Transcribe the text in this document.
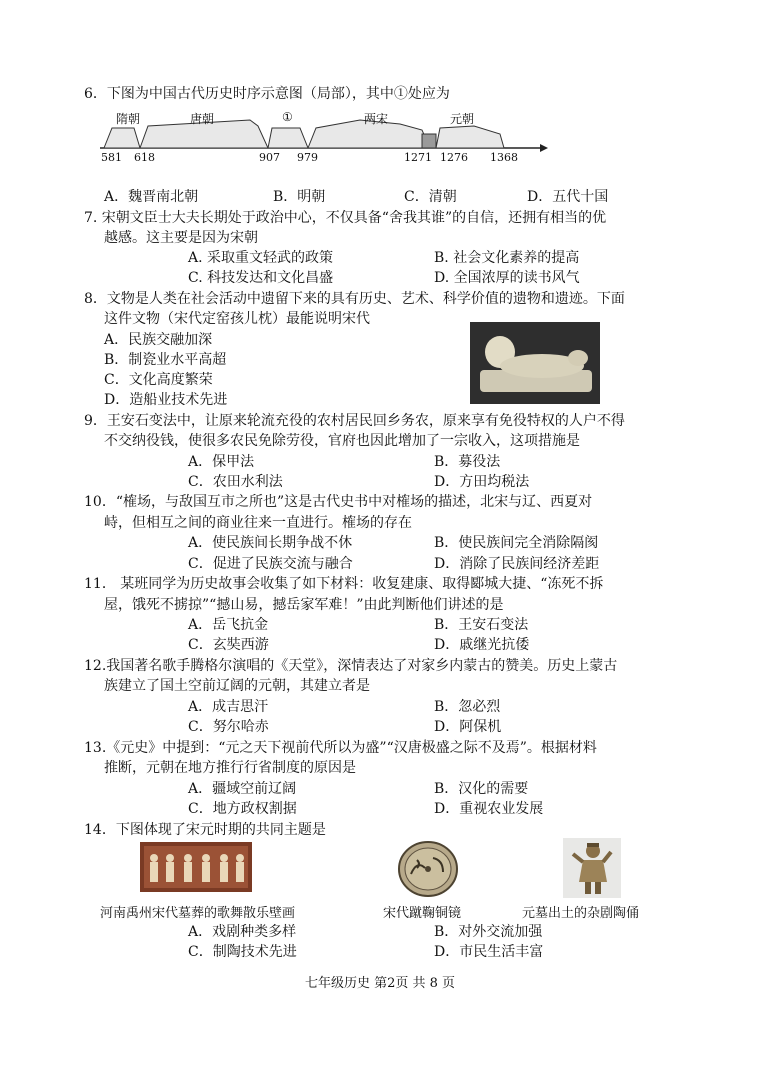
6．下图为中国古代历史时序示意图（局部），其中①处应为
隋朝	唐朝	①	两宋	元朝
581 618	907 979	1271 1276 1368
A．魏晋南北朝	B．明朝	C．清朝	D．五代十国
7. 宋朝文臣士大夫长期处于政治中心，不仅具备“舍我其谁”的自信，还拥有相当的优
越感。这主要是因为宋朝
A. 采取重文轻武的政策	B. 社会文化素养的提高
C. 科技发达和文化昌盛	D. 全国浓厚的读书风气
8．文物是人类在社会活动中遗留下来的具有历史、艺术、科学价值的遗物和遗迹。下面
这件文物（宋代定窑孩儿枕）最能说明宋代
A．民族交融加深
B．制瓷业水平高超
C．文化高度繁荣
D．造船业技术先进
9．王安石变法中，让原来轮流充役的农村居民回乡务农，原来享有免役特权的人户不得
不交纳役钱，使很多农民免除劳役，官府也因此增加了一宗收入，这项措施是
A．保甲法	B．募役法
C．农田水利法	D．方田均税法
10．“榷场，与敌国互市之所也”这是古代史书中对榷场的描述，北宋与辽、西夏对
峙，但相互之间的商业往来一直进行。榷场的存在
A．使民族间长期争战不休	B．使民族间完全消除隔阂
C．促进了民族交流与融合	D．消除了民族间经济差距
11． 某班同学为历史故事会收集了如下材料：收复建康、取得郾城大捷、“冻死不拆
屋，饿死不掳掠”“撼山易，撼岳家军难！”由此判断他们讲述的是
A．岳飞抗金	B．王安石变法
C．玄奘西游	D．戚继光抗倭
12.我国著名歌手腾格尔演唱的《天堂》，深情表达了对家乡内蒙古的赞美。历史上蒙古
族建立了国土空前辽阔的元朝，其建立者是
A．成吉思汗	B．忽必烈
C．努尔哈赤	D．阿保机
13.《元史》中提到：“元之天下视前代所以为盛”“汉唐极盛之际不及焉”。根据材料
推断，元朝在地方推行行省制度的原因是
A．疆域空前辽阔	B．汉化的需要
C．地方政权割据	D．重视农业发展
14．下图体现了宋元时期的共同主题是
河南禹州宋代墓葬的歌舞散乐壁画	宋代蹴鞠铜镜	元墓出土的杂剧陶俑
A．戏剧种类多样	B．对外交流加强
C．制陶技术先进	D．市民生活丰富
七年级历史 第2页 共 8 页
